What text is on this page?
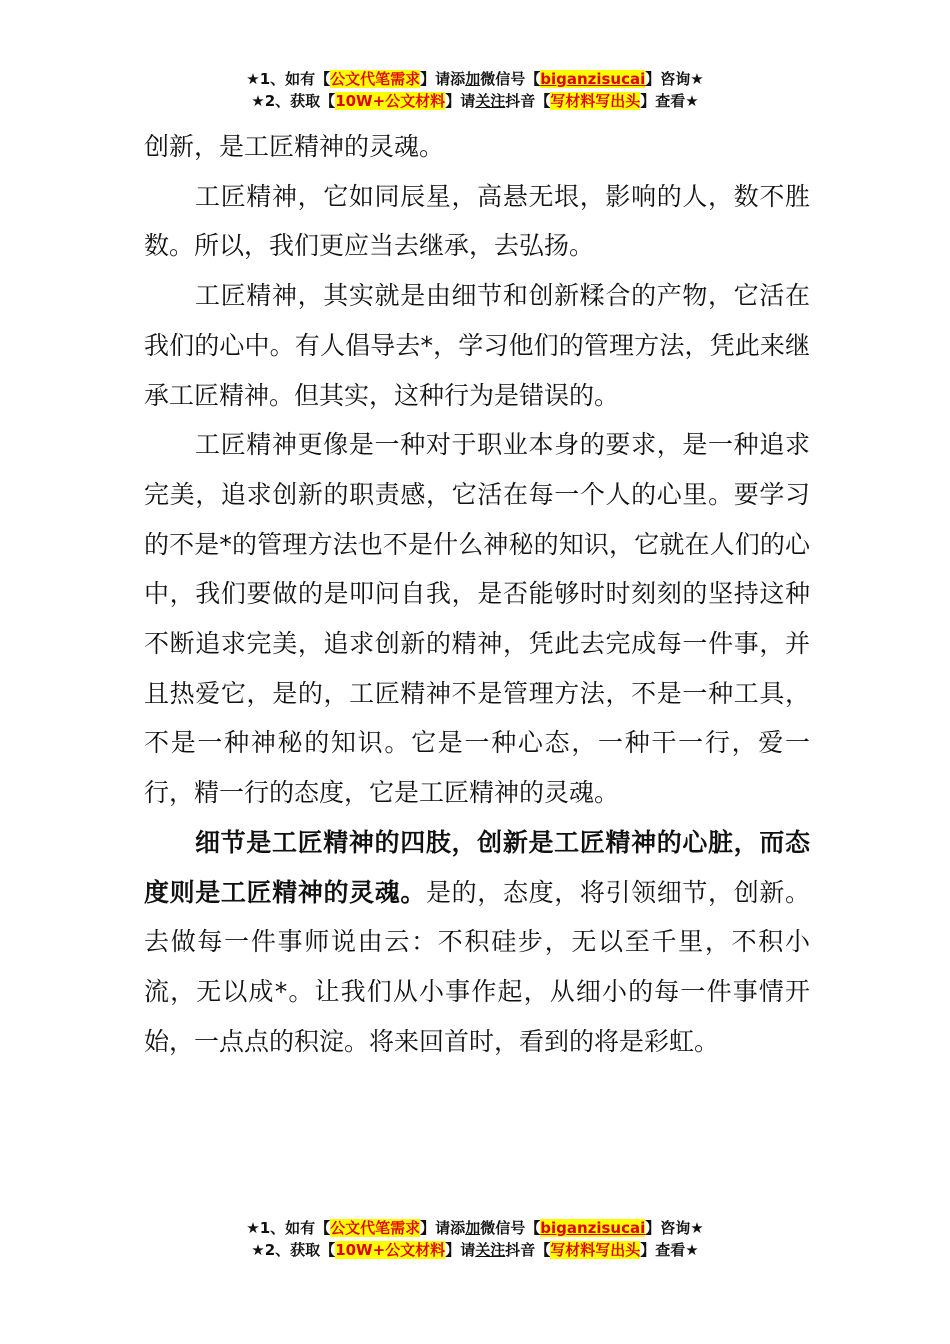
★1、如有【公文代笔需求】请添加微信号【biganzisucai】咨询★
★2、获取【10W+公文材料】请关注抖音【写材料写出头】查看★

创新，是工匠精神的灵魂。

工匠精神，它如同辰星，高悬无垠，影响的人，数不胜数。所以，我们更应当去继承，去弘扬。

工匠精神，其实就是由细节和创新糅合的产物，它活在我们的心中。有人倡导去*，学习他们的管理方法，凭此来继承工匠精神。但其实，这种行为是错误的。

工匠精神更像是一种对于职业本身的要求，是一种追求完美，追求创新的职责感，它活在每一个人的心里。要学习的不是*的管理方法也不是什么神秘的知识，它就在人们的心中，我们要做的是叩问自我，是否能够时时刻刻的坚持这种不断追求完美，追求创新的精神，凭此去完成每一件事，并且热爱它，是的，工匠精神不是管理方法，不是一种工具，不是一种神秘的知识。它是一种心态，一种干一行，爱一行，精一行的态度，它是工匠精神的灵魂。

细节是工匠精神的四肢，创新是工匠精神的心脏，而态度则是工匠精神的灵魂。是的，态度，将引领细节，创新。去做每一件事师说由云：不积硅步，无以至千里，不积小流，无以成*。让我们从小事作起，从细小的每一件事情开始，一点点的积淀。将来回首时，看到的将是彩虹。

★1、如有【公文代笔需求】请添加微信号【biganzisucai】咨询★
★2、获取【10W+公文材料】请关注抖音【写材料写出头】查看★
